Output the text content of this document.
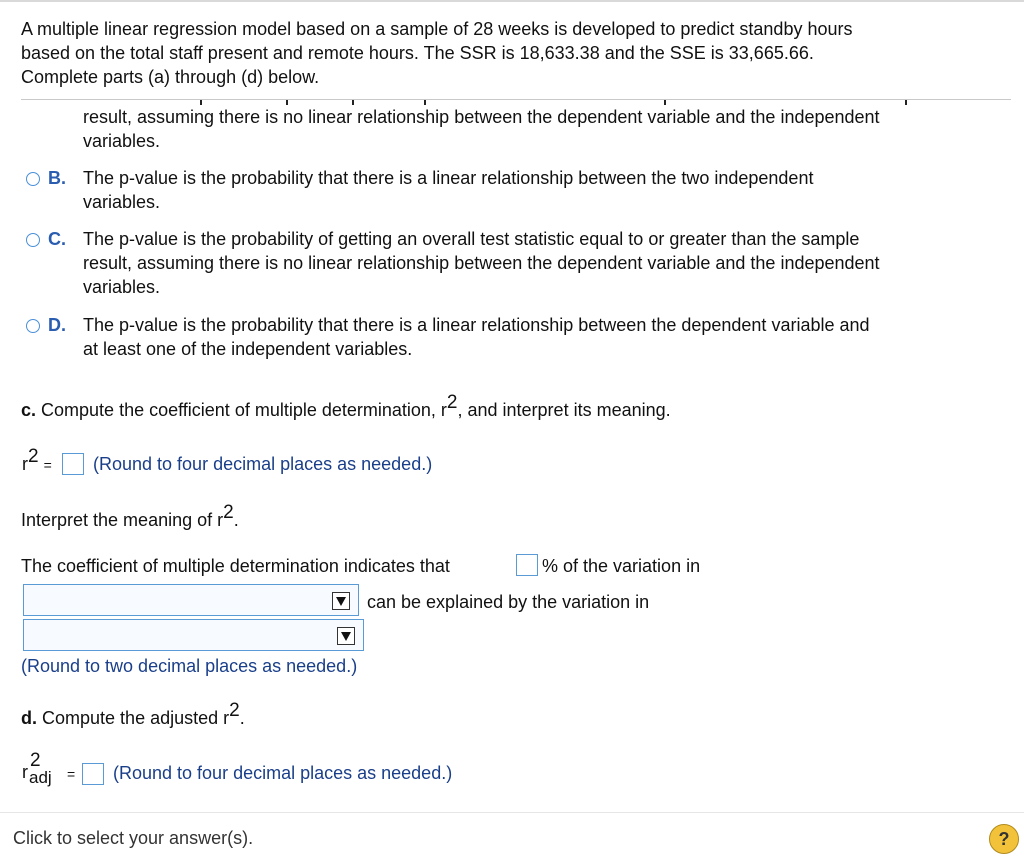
A multiple linear regression model based on a sample of 28 weeks is developed to predict standby hours
based on the total staff present and remote hours. The SSR is 18,633.38 and the SSE is 33,665.66.
Complete parts (a) through (d) below.
result, assuming there is no linear relationship between the dependent variable and the independent
variables.
B. The p-value is the probability that there is a linear relationship between the two independent
variables.
C. The p-value is the probability of getting an overall test statistic equal to or greater than the sample
result, assuming there is no linear relationship between the dependent variable and the independent
variables.
D. The p-value is the probability that there is a linear relationship between the dependent variable and
at least one of the independent variables.
c. Compute the coefficient of multiple determination, r2, and interpret its meaning.
r2 = (Round to four decimal places as needed.)
Interpret the meaning of r2.
The coefficient of multiple determination indicates that	% of the variation in
can be explained by the variation in
(Round to two decimal places as needed.)
d. Compute the adjusted r2.
2
r adj = (Round to four decimal places as needed.)
Click to select your answer(s).	?
